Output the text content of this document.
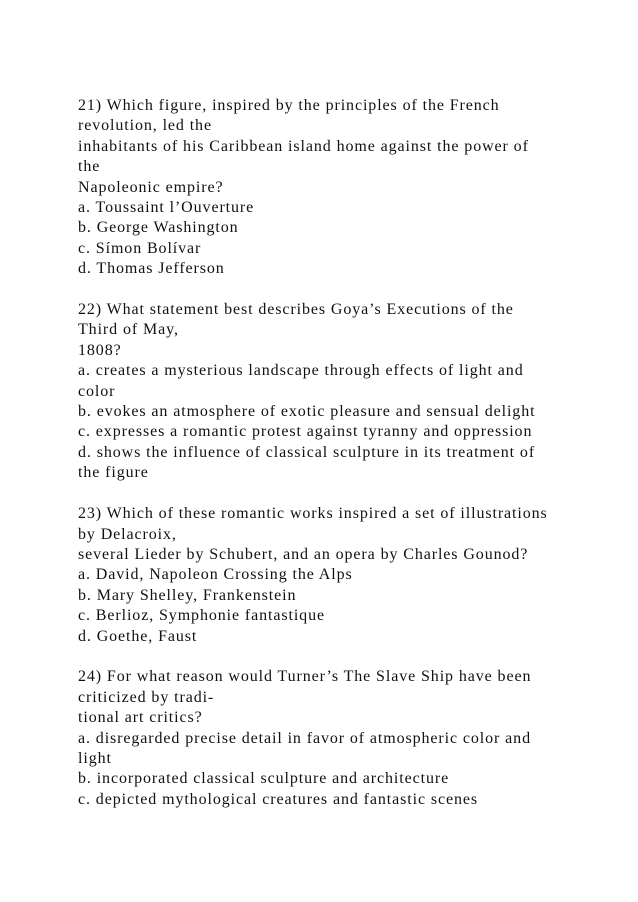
21) Which figure, inspired by the principles of the French
revolution, led the
inhabitants of his Caribbean island home against the power of
the
Napoleonic empire?
a. Toussaint l’Ouverture
b. George Washington
c. Símon Bolívar
d. Thomas Jefferson
22) What statement best describes Goya’s Executions of the
Third of May,
1808?
a. creates a mysterious landscape through effects of light and
color
b. evokes an atmosphere of exotic pleasure and sensual delight
c. expresses a romantic protest against tyranny and oppression
d. shows the influence of classical sculpture in its treatment of
the figure
23) Which of these romantic works inspired a set of illustrations
by Delacroix,
several Lieder by Schubert, and an opera by Charles Gounod?
a. David, Napoleon Crossing the Alps
b. Mary Shelley, Frankenstein
c. Berlioz, Symphonie fantastique
d. Goethe, Faust
24) For what reason would Turner’s The Slave Ship have been
criticized by tradi-
tional art critics?
a. disregarded precise detail in favor of atmospheric color and
light
b. incorporated classical sculpture and architecture
c. depicted mythological creatures and fantastic scenes
